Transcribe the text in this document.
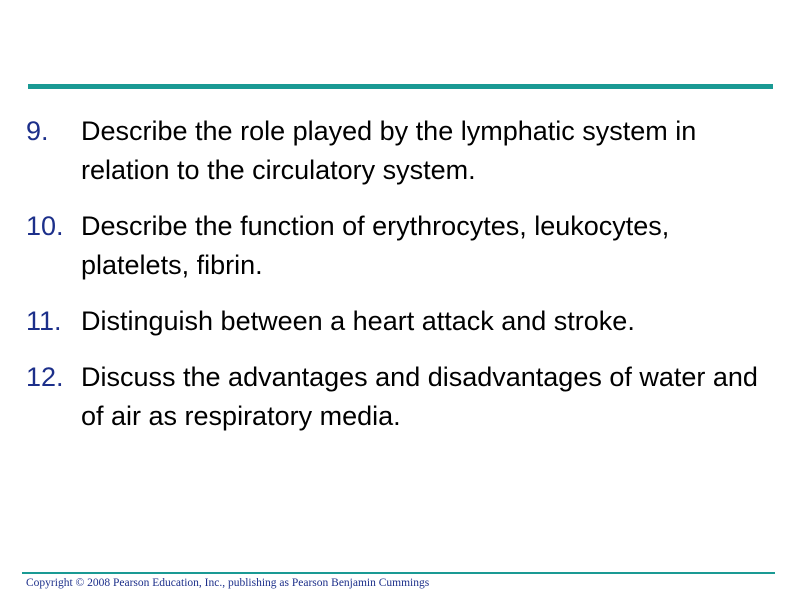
9. Describe the role played by the lymphatic system in relation to the circulatory system.
10. Describe the function of erythrocytes, leukocytes, platelets, fibrin.
11. Distinguish between a heart attack and stroke.
12. Discuss the advantages and disadvantages of water and of air as respiratory media.
Copyright © 2008 Pearson Education, Inc., publishing as Pearson Benjamin Cummings
